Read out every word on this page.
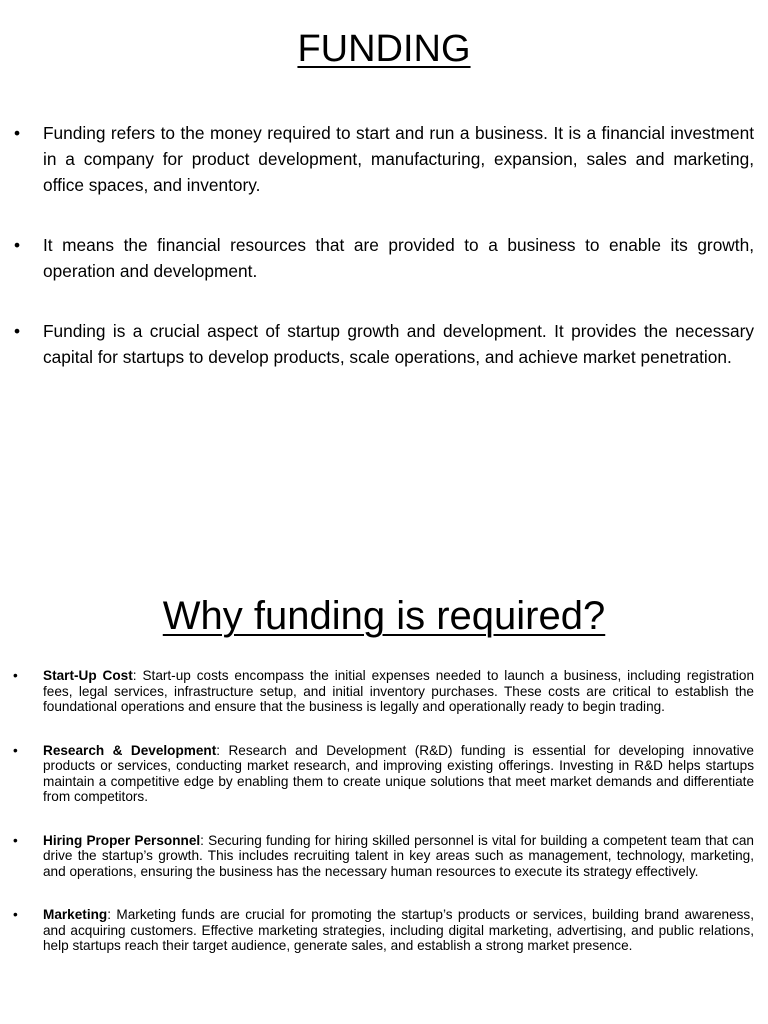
FUNDING
• Funding refers to the money required to start and run a business. It is a financial investment in a company for product development, manufacturing, expansion, sales and marketing, office spaces, and inventory.
• It means the financial resources that are provided to a business to enable its growth, operation and development.
• Funding is a crucial aspect of startup growth and development. It provides the necessary capital for startups to develop products, scale operations, and achieve market penetration.
Why funding is required?
• Start-Up Cost: Start-up costs encompass the initial expenses needed to launch a business, including registration fees, legal services, infrastructure setup, and initial inventory purchases. These costs are critical to establish the foundational operations and ensure that the business is legally and operationally ready to begin trading.
• Research & Development: Research and Development (R&D) funding is essential for developing innovative products or services, conducting market research, and improving existing offerings. Investing in R&D helps startups maintain a competitive edge by enabling them to create unique solutions that meet market demands and differentiate from competitors.
• Hiring Proper Personnel: Securing funding for hiring skilled personnel is vital for building a competent team that can drive the startup’s growth. This includes recruiting talent in key areas such as management, technology, marketing, and operations, ensuring the business has the necessary human resources to execute its strategy effectively.
• Marketing: Marketing funds are crucial for promoting the startup’s products or services, building brand awareness, and acquiring customers. Effective marketing strategies, including digital marketing, advertising, and public relations, help startups reach their target audience, generate sales, and establish a strong market presence.
